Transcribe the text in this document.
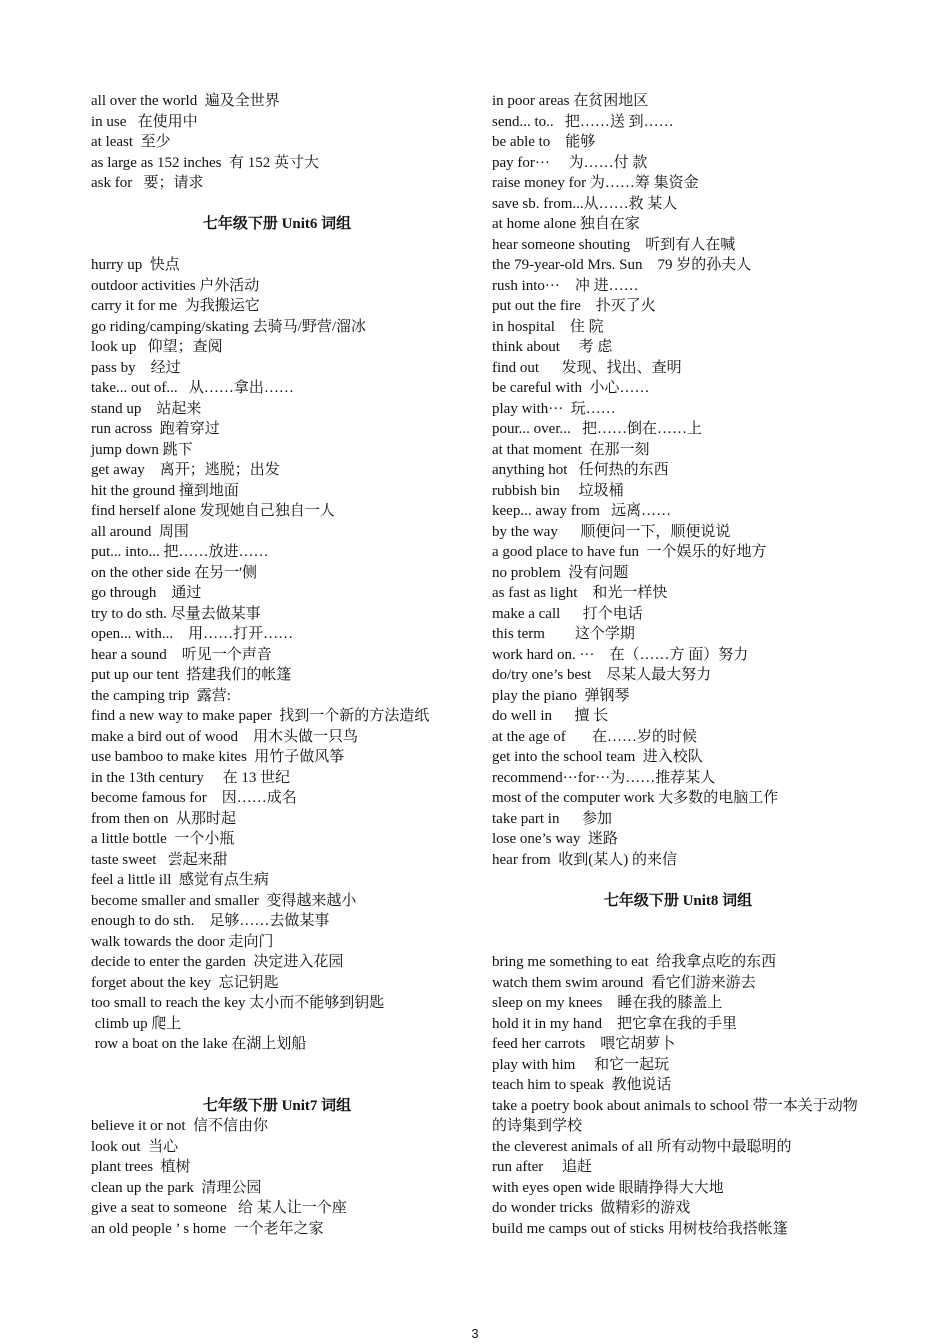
all over the world  遍及全世界
in use   在使用中
at least  至少
as large as 152 inches  有 152 英寸大
ask for   要；请求
七年级下册 Unit6 词组
hurry up  快点
outdoor activities 户外活动
carry it for me  为我搬运它
go riding/camping/skating 去骑马/野营/溜冰
look up   仰望；查阅
pass by    经过
take... out of...   从……拿出……
stand up    站起来
run across  跑着穿过
jump down 跳下
get away    离开；逃脱；出发
hit the ground 撞到地面
find herself alone 发现她自己独自一人
all around  周围
put... into... 把……放进……
on the other side 在另一'侧
go through    通过
try to do sth. 尽量去做某事
open... with...    用……打开……
hear a sound    听见一个声音
put up our tent  搭建我们的帐篷
the camping trip  露营:
find a new way to make paper  找到一个新的方法造纸
make a bird out of wood    用木头做一只鸟
use bamboo to make kites  用竹子做风筝
in the 13th century     在 13 世纪
become famous for    因……成名
from then on  从那时起
a little bottle  一个小瓶
taste sweet   尝起来甜
feel a little ill  感觉有点生病
become smaller and smaller  变得越来越小
enough to do sth.    足够……去做某事
walk towards the door 走向门
decide to enter the garden  决定进入花园
forget about the key  忘记钥匙
too small to reach the key 太小而不能够到钥匙
climb up 爬上
row a boat on the lake 在湖上划船
七年级下册 Unit7 词组
believe it or not  信不信由你
look out  当心
plant trees  植树
clean up the park  清理公园
give a seat to someone   给 某人让一个座
an old people ’ s home  一个老年之家
in poor areas 在贫困地区
send... to..   把……送 到……
be able to    能够
pay for···     为……付 款
raise money for 为……筹 集资金
save sb. from...从……救 某人
at home alone 独自在家
hear someone shouting    听到有人在喊
the 79-year-old Mrs. Sun    79 岁的孙夫人
rush into···    冲 进……
put out the fire    扑灭了火
in hospital    住 院
think about     考 虑
find out      发现、找出、查明
be careful with  小心……
play with···  玩……
pour... over...   把……倒在……上
at that moment  在那一刻
anything hot   任何热的东西
rubbish bin     垃圾桶
keep... away from   远离……
by the way      顺便问一下，顺便说说
a good place to have fun  一个娱乐的好地方
no problem  没有问题
as fast as light    和光一样快
make a call      打个电话
this term        这个学期
work hard on. ···    在（……方 面）努力
do/try one’s best    尽某人最大努力
play the piano  弹钢琴
do well in      擅 长
at the age of       在……岁的时候
get into the school team  进入校队
recommend···for···为……推荐某人
most of the computer work 大多数的电脑工作
take part in      参加
lose one’s way  迷路
hear from  收到(某人) 的来信
七年级下册 Unit8 词组
bring me something to eat  给我拿点吃的东西
watch them swim around  看它们游来游去
sleep on my knees    睡在我的膝盖上
hold it in my hand    把它拿在我的手里
feed her carrots    喂它胡萝卜
play with him     和它一起玩
teach him to speak  教他说话
take a poetry book about animals to school 带一本关于动物的诗集到学校
the cleverest animals of all 所有动物中最聪明的
run after     追赶
with eyes open wide 眼睛挣得大大地
do wonder tricks  做精彩的游戏
build me camps out of sticks 用树枝给我搭帐篷
3
